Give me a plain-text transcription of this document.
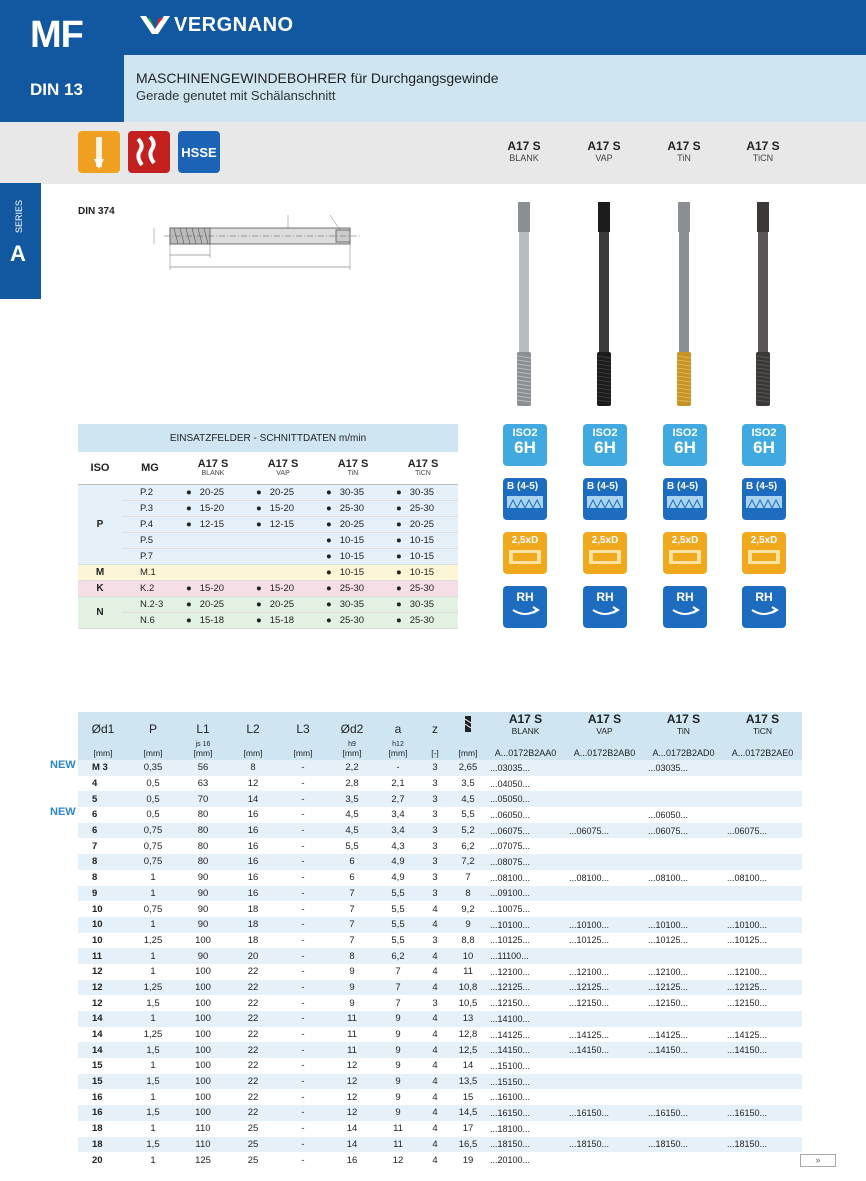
MF
DIN 13
VERGNANO
MASCHINENGEWINDEBOHRER für Durchgangsgewinde
Gerade genutet mit Schälanschnitt
HSSE	A17 S
BLANK
A17 S
VAP
A17 S
TiN
A17 S
TiCN
A
SERIES	DIN 374
ISO2
6H
B (4-5)
2,5xD
RH
ISO2
6H
B (4-5)
2,5xD
RH
ISO2
6H
B (4-5)
2,5xD
RH
ISO2
6H
B (4-5)
2,5xD
RH
EINSATZFELDER - SCHNITTDATEN m/min					
ISO	MG	A17 S
BLANK	A17 S
VAP	A17 S
TiN	A17 S
TiCN

P	P.2	● 20-25	● 20-25	● 30-35	● 30-35
	P.3	● 15-20	● 15-20	● 25-30	● 25-30
	P.4	● 12-15	● 12-15	● 20-25	● 20-25
	P.5			● 10-15	● 10-15
	P.7			● 10-15	● 10-15
M	M.1			● 10-15	● 10-15
K	K.2	● 15-20	● 15-20	● 25-30	● 25-30
N	N.2-3	● 20-25	● 20-25	● 30-35	● 30-35
	N.6	● 15-18	● 15-18	● 25-30	● 25-30
NEW
NEW
Ød1	P	L1	L2	L3	Ød2	a	z		A17 S
BLANK	A17 S
VAP	A17 S
TiN	A17 S
TiCN

[mm]	[mm]	js 16
[mm]	[mm]	[mm]	h9
[mm]	h12
[mm]	[-]	[mm]	A...0172B2AA0	A...0172B2AB0	A...0172B2AD0	A...0172B2AE0
M 3	0,35	56	8	-	2,2	-	3	2,65	...03035...		...03035...	
4	0,5	63	12	-	2,8	2,1	3	3,5	...04050...			
5	0,5	70	14	-	3,5	2,7	3	4,5	...05050...			
6	0,5	80	16	-	4,5	3,4	3	5,5	...06050...		...06050...	
6	0,75	80	16	-	4,5	3,4	3	5,2	...06075...	...06075...	...06075...	...06075...
7	0,75	80	16	-	5,5	4,3	3	6,2	...07075...			
8	0,75	80	16	-	6	4,9	3	7,2	...08075...			
8	1	90	16	-	6	4,9	3	7	...08100...	...08100...	...08100...	...08100...
9	1	90	16	-	7	5,5	3	8	...09100...			
10	0,75	90	18	-	7	5,5	4	9,2	...10075...			
10	1	90	18	-	7	5,5	4	9	...10100...	...10100...	...10100...	...10100...
10	1,25	100	18	-	7	5,5	3	8,8	...10125...	...10125...	...10125...	...10125...
11	1	90	20	-	8	6,2	4	10	...11100...			
12	1	100	22	-	9	7	4	11	...12100...	...12100...	...12100...	...12100...
12	1,25	100	22	-	9	7	4	10,8	...12125...	...12125...	...12125...	...12125...
12	1,5	100	22	-	9	7	3	10,5	...12150...	...12150...	...12150...	...12150...
14	1	100	22	-	11	9	4	13	...14100...			
14	1,25	100	22	-	11	9	4	12,8	...14125...	...14125...	...14125...	...14125...
14	1,5	100	22	-	11	9	4	12,5	...14150...	...14150...	...14150...	...14150...
15	1	100	22	-	12	9	4	14	...15100...			
15	1,5	100	22	-	12	9	4	13,5	...15150...			
16	1	100	22	-	12	9	4	15	...16100...			
16	1,5	100	22	-	12	9	4	14,5	...16150...	...16150...	...16150...	...16150...
18	1	110	25	-	14	11	4	17	...18100...			
18	1,5	110	25	-	14	11	4	16,5	...18150...	...18150...	...18150...	...18150...
20	1	125	25	-	16	12	4	19	...20100...				»
